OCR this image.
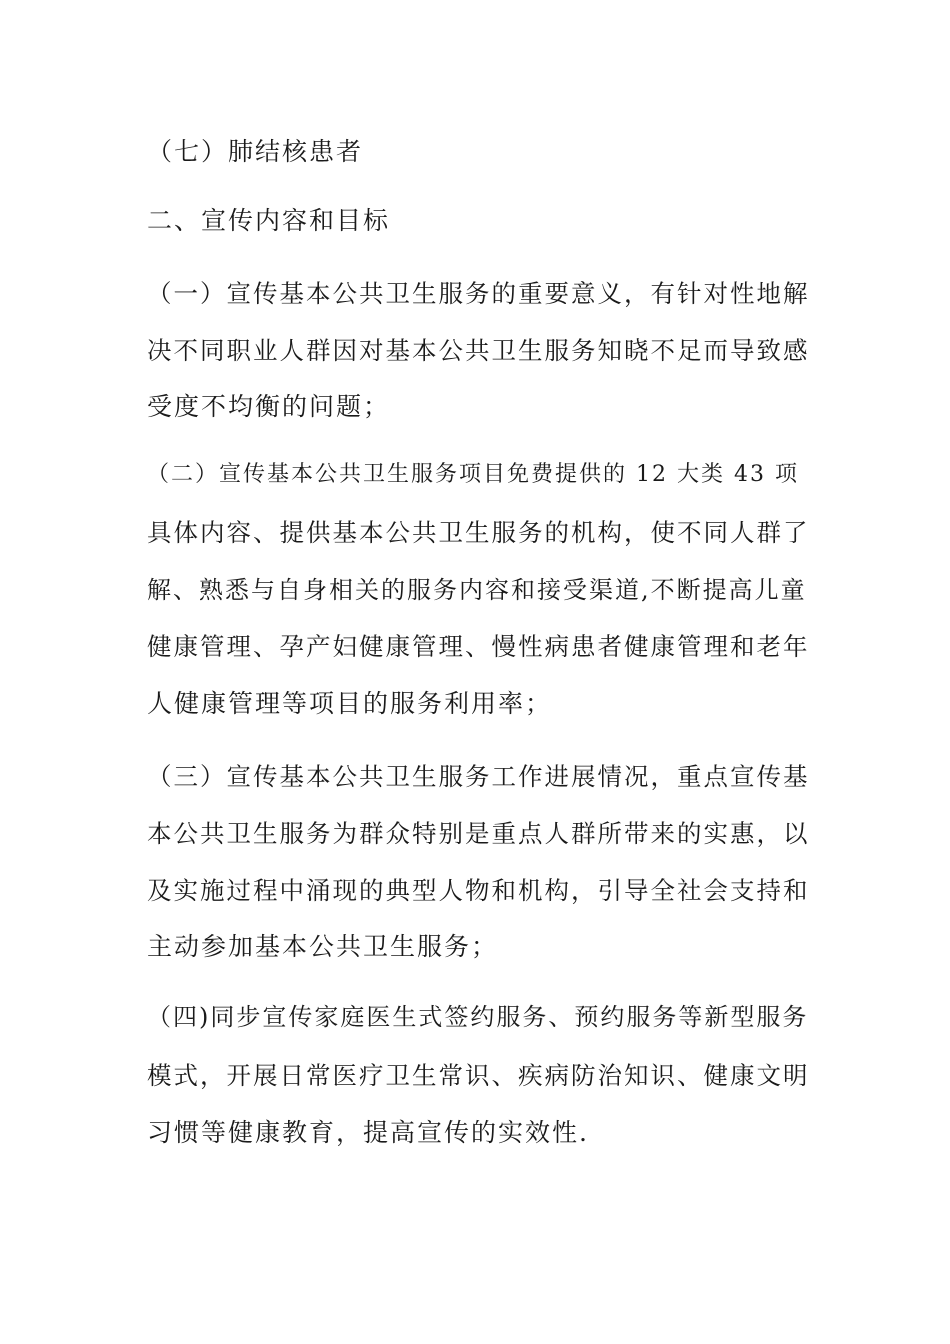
（七）肺结核患者

二、宣传内容和目标

（一）宣传基本公共卫生服务的重要意义，有针对性地解

决不同职业人群因对基本公共卫生服务知晓不足而导致感

受度不均衡的问题；

（二）宣传基本公共卫生服务项目免费提供的 12 大类 43 项

具体内容、提供基本公共卫生服务的机构，使不同人群了

解、熟悉与自身相关的服务内容和接受渠道,不断提高儿童

健康管理、孕产妇健康管理、慢性病患者健康管理和老年

人健康管理等项目的服务利用率；

（三）宣传基本公共卫生服务工作进展情况，重点宣传基

本公共卫生服务为群众特别是重点人群所带来的实惠，以

及实施过程中涌现的典型人物和机构，引导全社会支持和

主动参加基本公共卫生服务；

（四)同步宣传家庭医生式签约服务、预约服务等新型服务

模式，开展日常医疗卫生常识、疾病防治知识、健康文明

习惯等健康教育，提高宣传的实效性.
